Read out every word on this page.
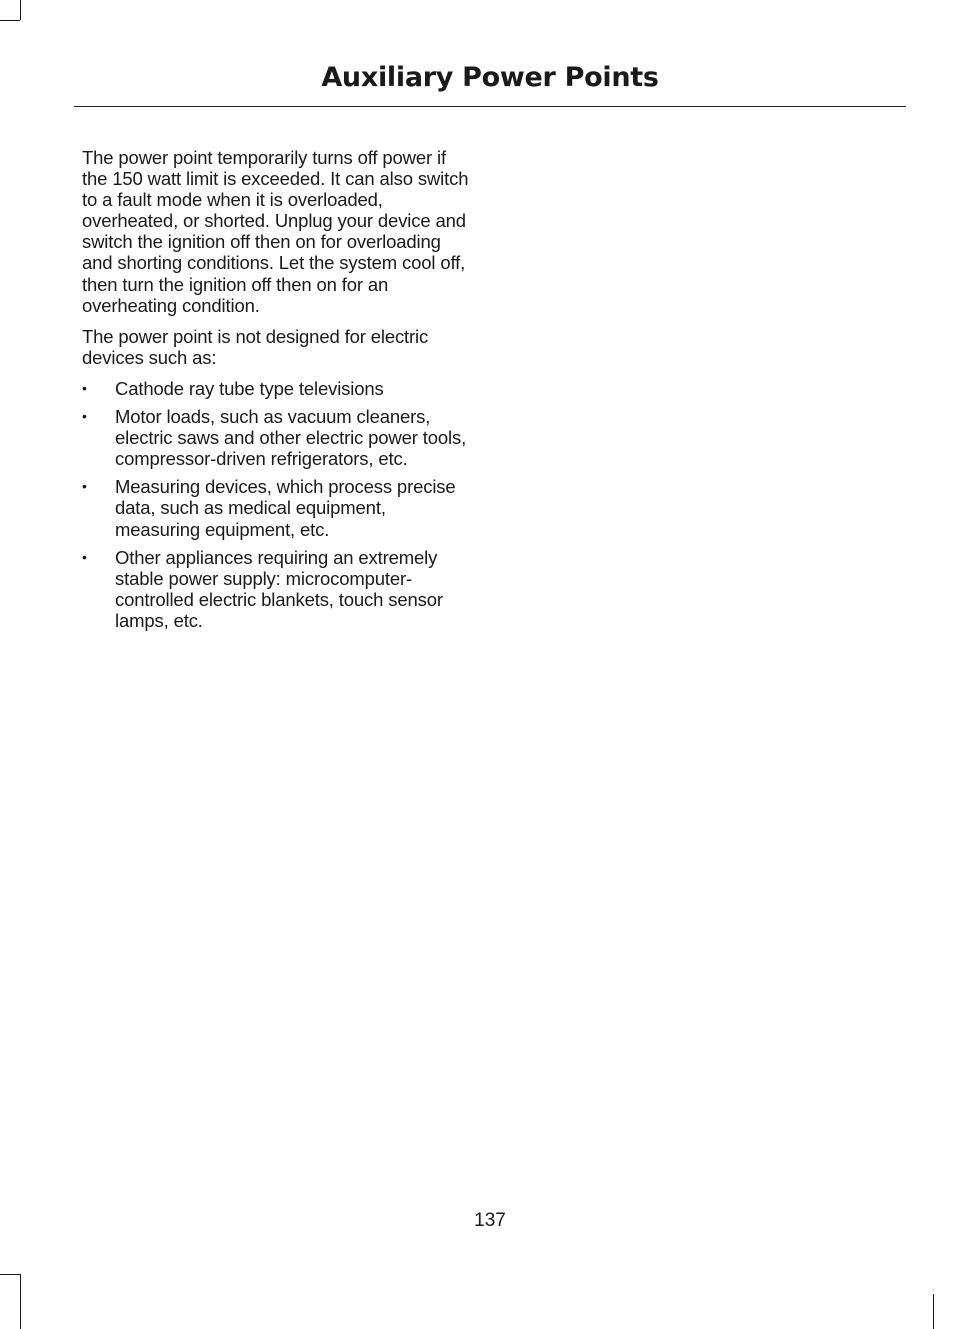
Auxiliary Power Points

The power point temporarily turns off power if the 150 watt limit is exceeded. It can also switch to a fault mode when it is overloaded, overheated, or shorted. Unplug your device and switch the ignition off then on for overloading and shorting conditions. Let the system cool off, then turn the ignition off then on for an overheating condition.

The power point is not designed for electric devices such as:

• Cathode ray tube type televisions
• Motor loads, such as vacuum cleaners, electric saws and other electric power tools, compressor-driven refrigerators, etc.
• Measuring devices, which process precise data, such as medical equipment, measuring equipment, etc.
• Other appliances requiring an extremely stable power supply: microcomputer-controlled electric blankets, touch sensor lamps, etc.
137
